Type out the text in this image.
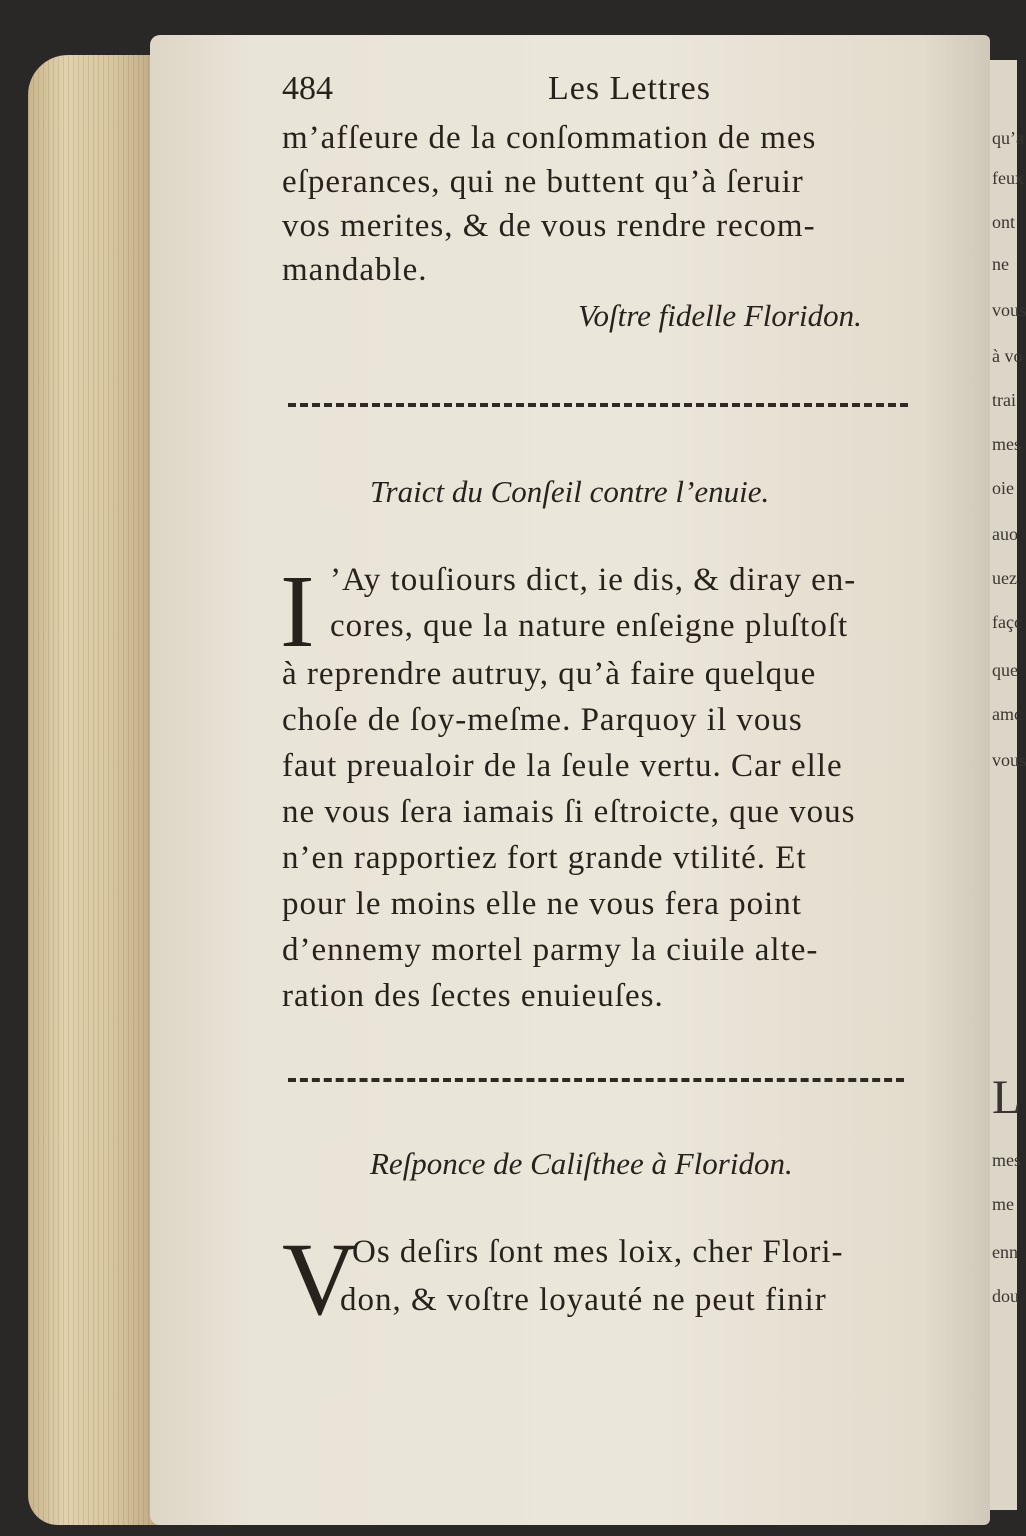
qu’a
feux
ont
ne
vous
à vo
trai
mes
oie
auo
uez
façc
que
amc
vous
L
mes
me
enn
dou
484	Les Lettres
m’afſeure de la conſommation de mes
eſperances, qui ne buttent qu’à ſeruir
vos merites, & de vous rendre recom-
mandable.
Voſtre fidelle Floridon.
Traict du Conſeil contre l’enuie.
I ’Ay touſiours dict, ie dis, & diray en-
cores, que la nature enſeigne pluſtoſt
à reprendre autruy, qu’à faire quelque
choſe de ſoy-meſme. Parquoy il vous
faut preualoir de la ſeule vertu. Car elle
ne vous ſera iamais ſi eſtroicte, que vous
n’en rapportiez fort grande vtilité. Et
pour le moins elle ne vous fera point
d’ennemy mortel parmy la ciuile alte-
ration des ſectes enuieuſes.
Reſponce de Caliſthee à Floridon.
V
Os deſirs ſont mes loix, cher Flori-
don, & voſtre loyauté ne peut finir
